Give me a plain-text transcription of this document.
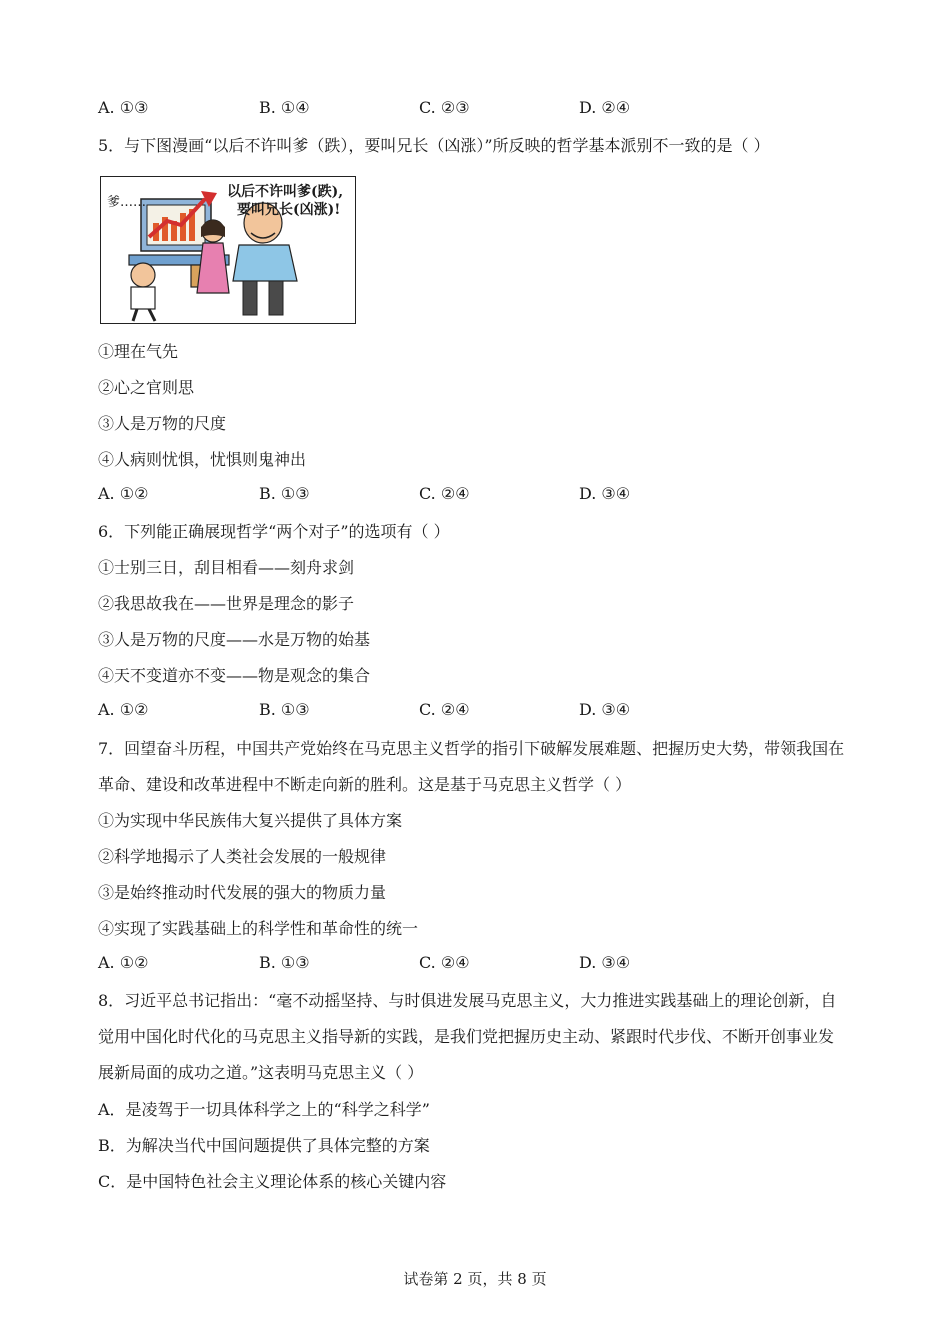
A. ①③	B. ①④	C. ②③	D. ②④
5．与下图漫画“以后不许叫爹（跌），要叫兄长（凶涨）”所反映的哲学基本派别不一致的是（ ）
爹……
以后不许叫爹(跌),
要叫兄长(凶涨)!
①理在气先
②心之官则思
③人是万物的尺度
④人病则忧惧，忧惧则鬼神出
A. ①②	B. ①③	C. ②④	D. ③④
6．下列能正确展现哲学“两个对子”的选项有（ ）
①士别三日，刮目相看——刻舟求剑
②我思故我在——世界是理念的影子
③人是万物的尺度——水是万物的始基
④天不变道亦不变——物是观念的集合
A. ①②	B. ①③	C. ②④	D. ③④
7．回望奋斗历程，中国共产党始终在马克思主义哲学的指引下破解发展难题、把握历史大势，带领我国在
革命、建设和改革进程中不断走向新的胜利。这是基于马克思主义哲学（ ）
①为实现中华民族伟大复兴提供了具体方案
②科学地揭示了人类社会发展的一般规律
③是始终推动时代发展的强大的物质力量
④实现了实践基础上的科学性和革命性的统一
A. ①②	B. ①③	C. ②④	D. ③④
8．习近平总书记指出：“毫不动摇坚持、与时俱进发展马克思主义，大力推进实践基础上的理论创新，自
觉用中国化时代化的马克思主义指导新的实践，是我们党把握历史主动、紧跟时代步伐、不断开创事业发
展新局面的成功之道。”这表明马克思主义（ ）
A．是凌驾于一切具体科学之上的“科学之科学”
B．为解决当代中国问题提供了具体完整的方案
C．是中国特色社会主义理论体系的核心关键内容
试卷第 2 页，共 8 页
